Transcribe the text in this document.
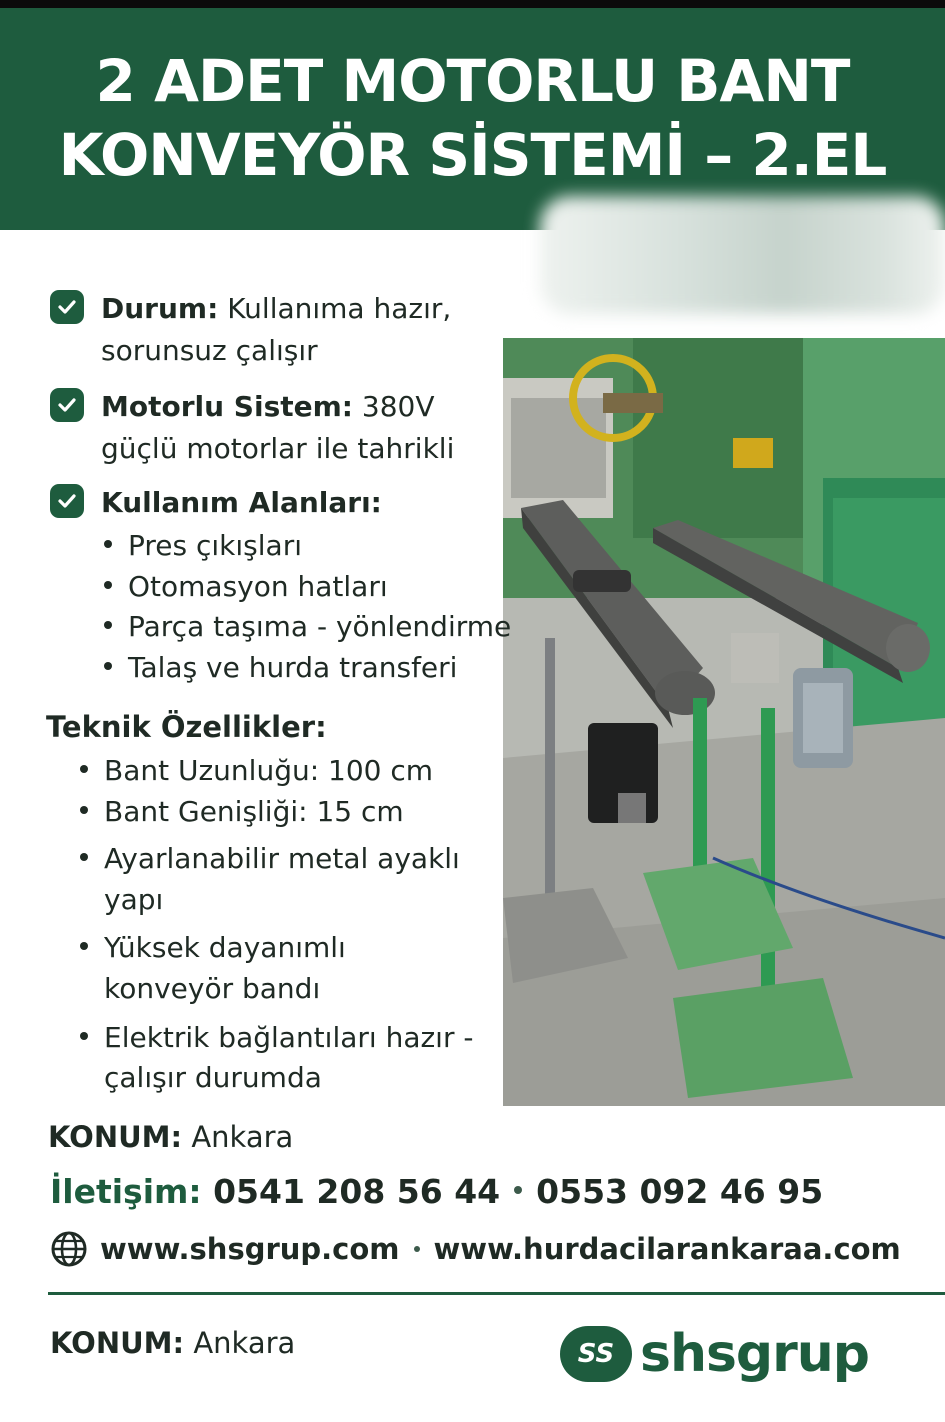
2 ADET MOTORLU BANT
KONVEYÖR SİSTEMİ – 2.EL
Durum: Kullanıma hazır,
sorunsuz çalışır
Motorlu Sistem: 380V
güçlü motorlar ile tahrikli
Kullanım Alanları:
Pres çıkışları
Otomasyon hatları
Parça taşıma - yönlendirme
Talaş ve hurda transferi
Teknik Özellikler:
Bant Uzunluğu: 100 cm
Bant Genişliği: 15 cm
Ayarlanabilir metal ayaklı
yapı
Yüksek dayanımlı
konveyör bandı
Elektrik bağlantıları hazır -
çalışır durumda
KONUM: Ankara
İletişim: 0541 208 56 44 0553 092 46 95
www.shsgrup.com www.hurdacilarankaraa.com
KONUM: Ankara	SS shsgrup
